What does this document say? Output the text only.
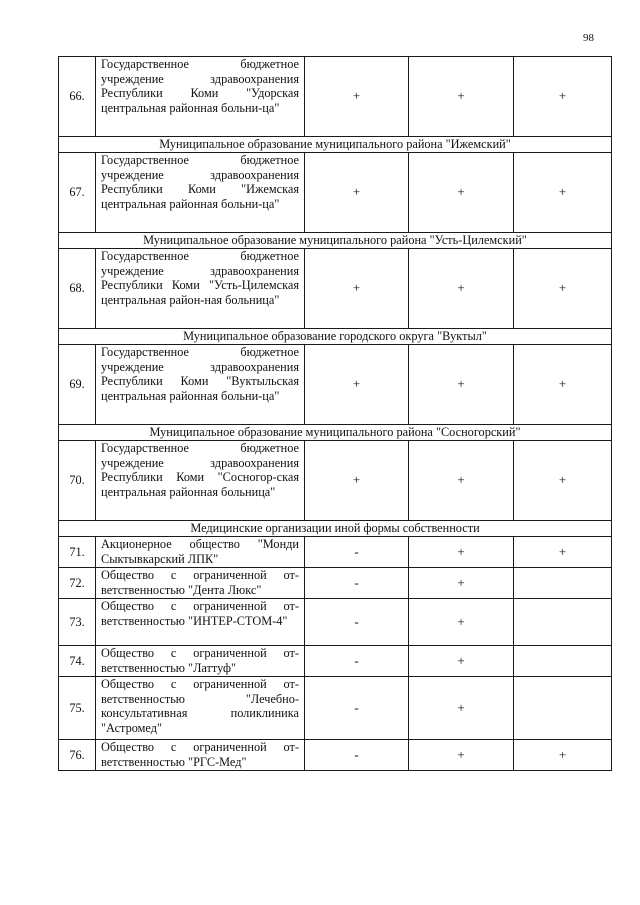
98
66.	Государственное бюджетное учреждение здравоохранения Республики Коми "Удорская центральная районная больни-ца"	+	+	+
Муниципальное образование муниципального района "Ижемский"				
67.	Государственное бюджетное учреждение здравоохранения Республики Коми "Ижемская центральная районная больни-ца"	+	+	+
Муниципальное образование муниципального района "Усть-Цилемский"				
68.	Государственное бюджетное учреждение здравоохранения Республики Коми "Усть-Цилемская центральная район-ная больница"	+	+	+
Муниципальное образование городского округа "Вуктыл"				
69.	Государственное бюджетное учреждение здравоохранения Республики Коми "Вуктыльская центральная районная больни-ца"	+	+	+
Муниципальное образование муниципального района "Сосногорский"				
70.	Государственное бюджетное учреждение здравоохранения Республики Коми "Сосногор-ская центральная районная больница"	+	+	+
Медицинские организации иной формы собственности				
71.	Акционерное общество "Монди Сыктывкарский ЛПК"	-	+	+
72.	Общество с ограниченной от-ветственностью "Дента Люкс"	-	+	
73.	Общество с ограниченной от-ветственностью "ИНТЕР-СТОМ-4"	-	+	
74.	Общество с ограниченной от-ветственностью "Латтуф"	-	+	
75.	Общество с ограниченной от-ветственностью "Лечебно-консультативная поликлиника "Астромед"	-	+	
76.	Общество с ограниченной от-ветственностью "РГС-Мед"	-	+	+
